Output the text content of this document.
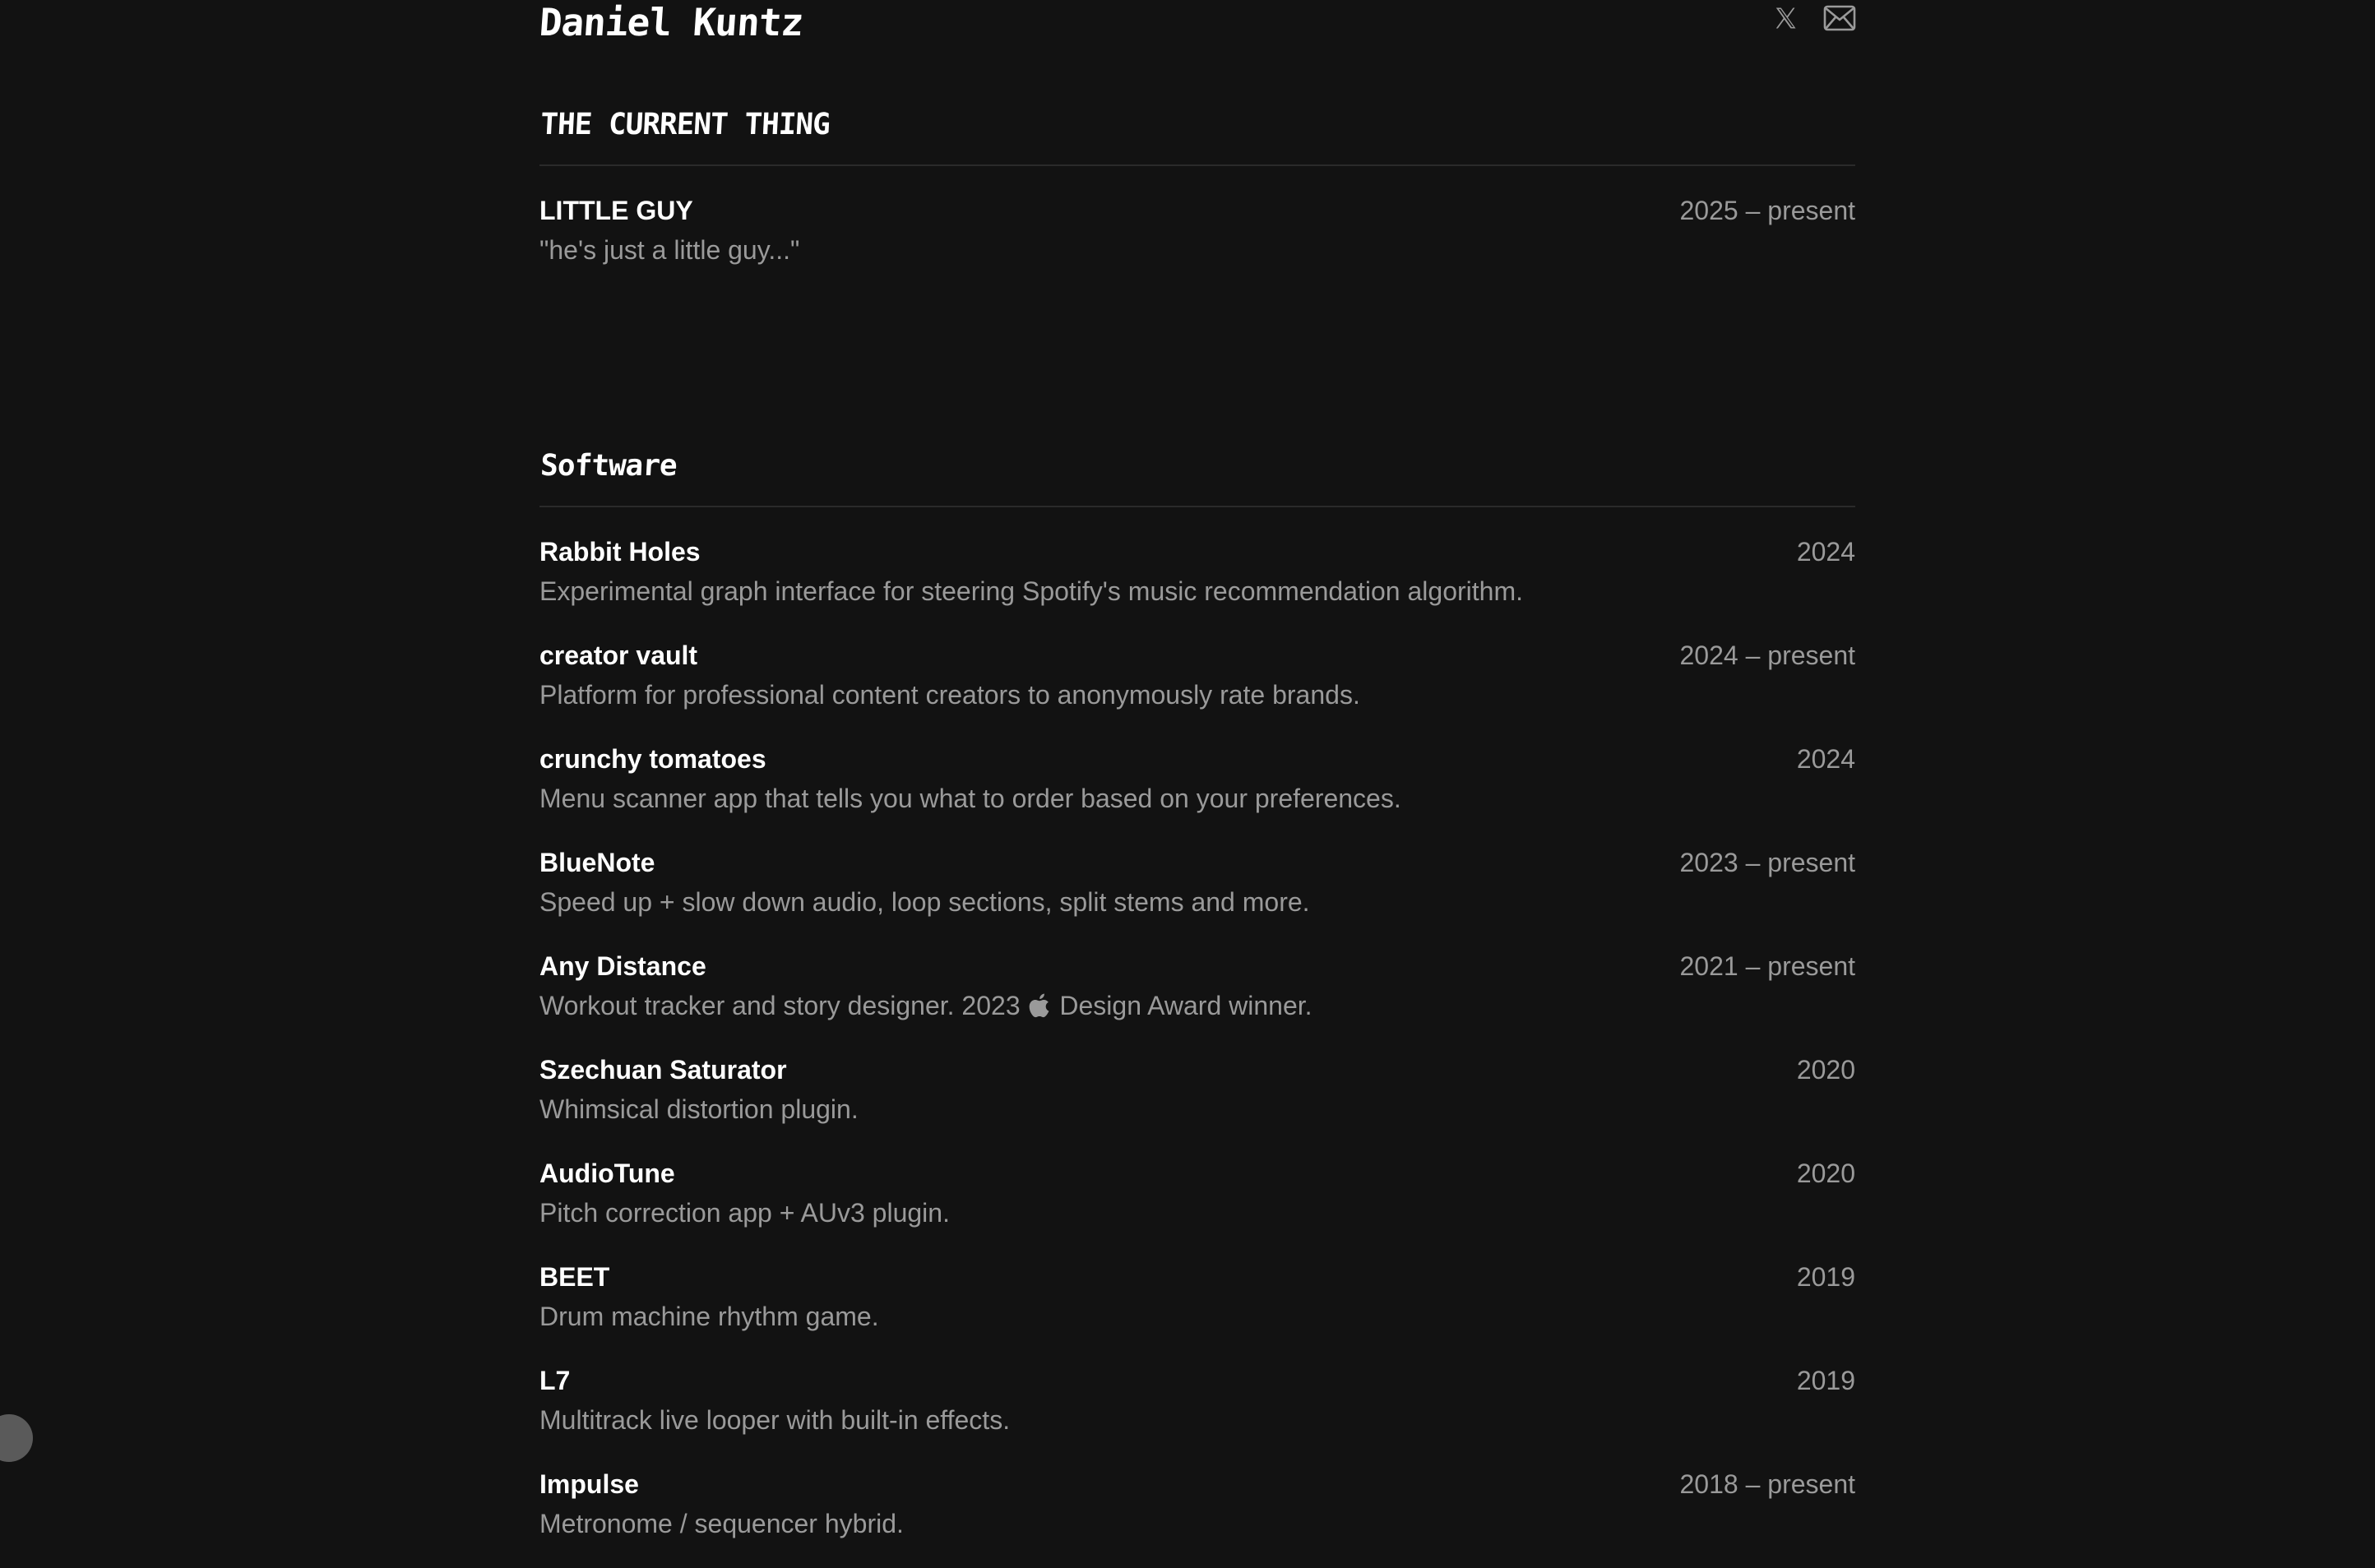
Daniel Kuntz
THE CURRENT THING
LITTLE GUY	2025 – present
"he's just a little guy..."
Software
Rabbit Holes	2024
Experimental graph interface for steering Spotify's music recommendation algorithm.
creator vault	2024 – present
Platform for professional content creators to anonymously rate brands.
crunchy tomatoes	2024
Menu scanner app that tells you what to order based on your preferences.
BlueNote	2023 – present
Speed up + slow down audio, loop sections, split stems and more.
Any Distance	2021 – present
Workout tracker and story designer. 2023 Design Award winner.
Szechuan Saturator	2020
Whimsical distortion plugin.
AudioTune	2020
Pitch correction app + AUv3 plugin.
BEET	2019
Drum machine rhythm game.
L7	2019
Multitrack live looper with built-in effects.
Impulse	2018 – present
Metronome / sequencer hybrid.
